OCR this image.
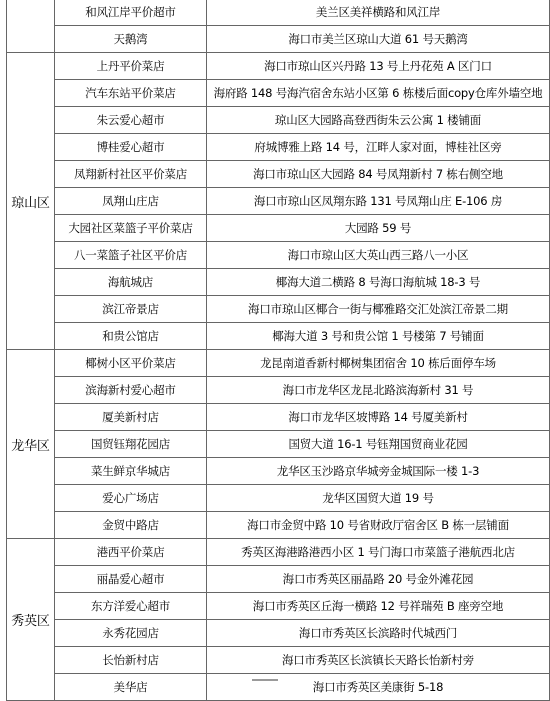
	和风江岸平价超市	美兰区美祥横路和风江岸
	天鹅湾	海口市美兰区琼山大道 61 号天鹅湾
琼山区	上丹平价菜店	海口市琼山区兴丹路 13 号上丹花苑 A 区门口
	汽车东站平价菜店	海府路 148 号海汽宿舍东站小区第 6 栋楼后面copy仓库外墙空地
	朱云爱心超市	琼山区大园路高登西街朱云公寓 1 楼铺面
	博桂爱心超市	府城博雅上路 14 号，江畔人家对面，博桂社区旁
	凤翔新村社区平价菜店	海口市琼山区大园路 84 号凤翔新村 7 栋右侧空地
	凤翔山庄店	海口市琼山区凤翔东路 131 号凤翔山庄 E-106 房
	大园社区菜篮子平价菜店	大园路 59 号
	八一菜篮子社区平价店	海口市琼山区大英山西三路八一小区
	海航城店	椰海大道二横路 8 号海口海航城 18-3 号
	滨江帝景店	海口市琼山区椰合一街与椰雅路交汇处滨江帝景二期
	和贵公馆店	椰海大道 3 号和贵公馆 1 号楼第 7 号铺面
龙华区	椰树小区平价菜店	龙昆南道香新村椰树集团宿舍 10 栋后面停车场
	滨海新村爱心超市	海口市龙华区龙昆北路滨海新村 31 号
	厦美新村店	海口市龙华区坡博路 14 号厦美新村
	国贸钰翔花园店	国贸大道 16-1 号钰翔国贸商业花园
	菜生鲜京华城店	龙华区玉沙路京华城旁金城国际一楼 1-3
	爱心广场店	龙华区国贸大道 19 号
	金贸中路店	海口市金贸中路 10 号省财政厅宿舍区 B 栋一层铺面
秀英区	港西平价菜店	秀英区海港路港西小区 1 号门海口市菜篮子港航西北店
	丽晶爱心超市	海口市秀英区丽晶路 20 号金外滩花园
	东方洋爱心超市	海口市秀英区丘海一横路 12 号祥瑞苑 B 座旁空地
	永秀花园店	海口市秀英区长滨路时代城西门
	长怡新村店	海口市秀英区长滨镇长天路长怡新村旁
	美华店	海口市秀英区美康街 5-18
